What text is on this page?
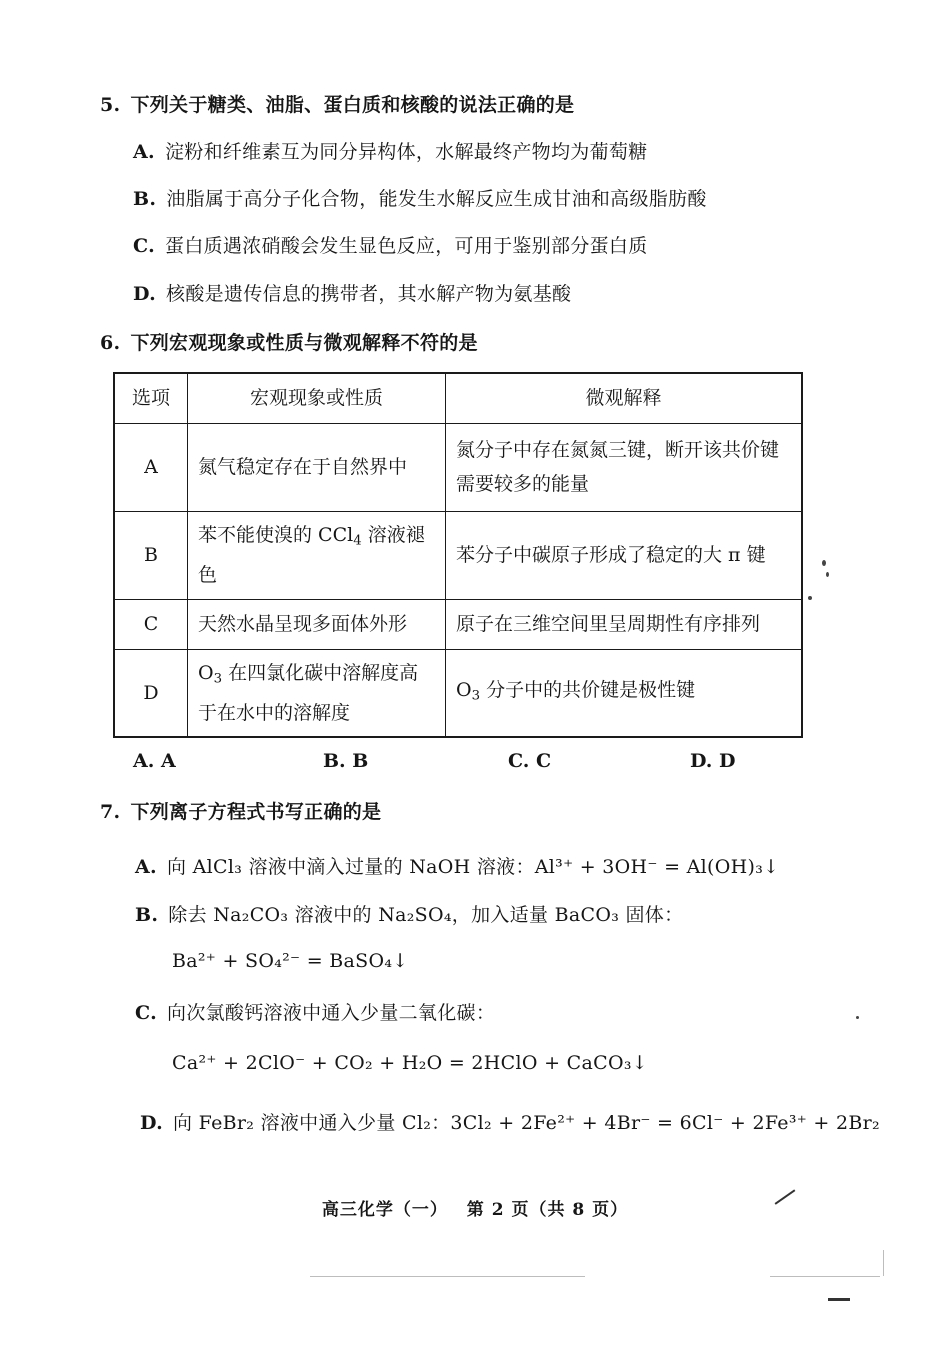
5. 下列关于糖类、油脂、蛋白质和核酸的说法正确的是
A. 淀粉和纤维素互为同分异构体，水解最终产物均为葡萄糖
B. 油脂属于高分子化合物，能发生水解反应生成甘油和高级脂肪酸
C. 蛋白质遇浓硝酸会发生显色反应，可用于鉴别部分蛋白质
D. 核酸是遗传信息的携带者，其水解产物为氨基酸
6. 下列宏观现象或性质与微观解释不符的是
选项	宏观现象或性质	微观解释
A	氮气稳定存在于自然界中	氮分子中存在氮氮三键，断开该共价键需要较多的能量
B	苯不能使溴的 CCl$_4$ 溶液褪色	苯分子中碳原子形成了稳定的大 π 键
C	天然水晶呈现多面体外形	原子在三维空间里呈周期性有序排列
D	$O_3$ 在四氯化碳中溶解度高于在水中的溶解度	$O_3$ 分子中的共价键是极性键
A. A	B. B	C. C	D. D
7. 下列离子方程式书写正确的是
A. 向 AlCl₃ 溶液中滴入过量的 NaOH 溶液：Al³⁺ + 3OH⁻ = Al(OH)₃↓
B. 除去 Na₂CO₃ 溶液中的 Na₂SO₄，加入适量 BaCO₃ 固体：
Ba²⁺ + SO₄²⁻ = BaSO₄↓
C. 向次氯酸钙溶液中通入少量二氧化碳：
Ca²⁺ + 2ClO⁻ + CO₂ + H₂O = 2HClO + CaCO₃↓
D. 向 FeBr₂ 溶液中通入少量 Cl₂：3Cl₂ + 2Fe²⁺ + 4Br⁻ = 6Cl⁻ + 2Fe³⁺ + 2Br₂
高三化学（一） 第 2 页（共 8 页）
